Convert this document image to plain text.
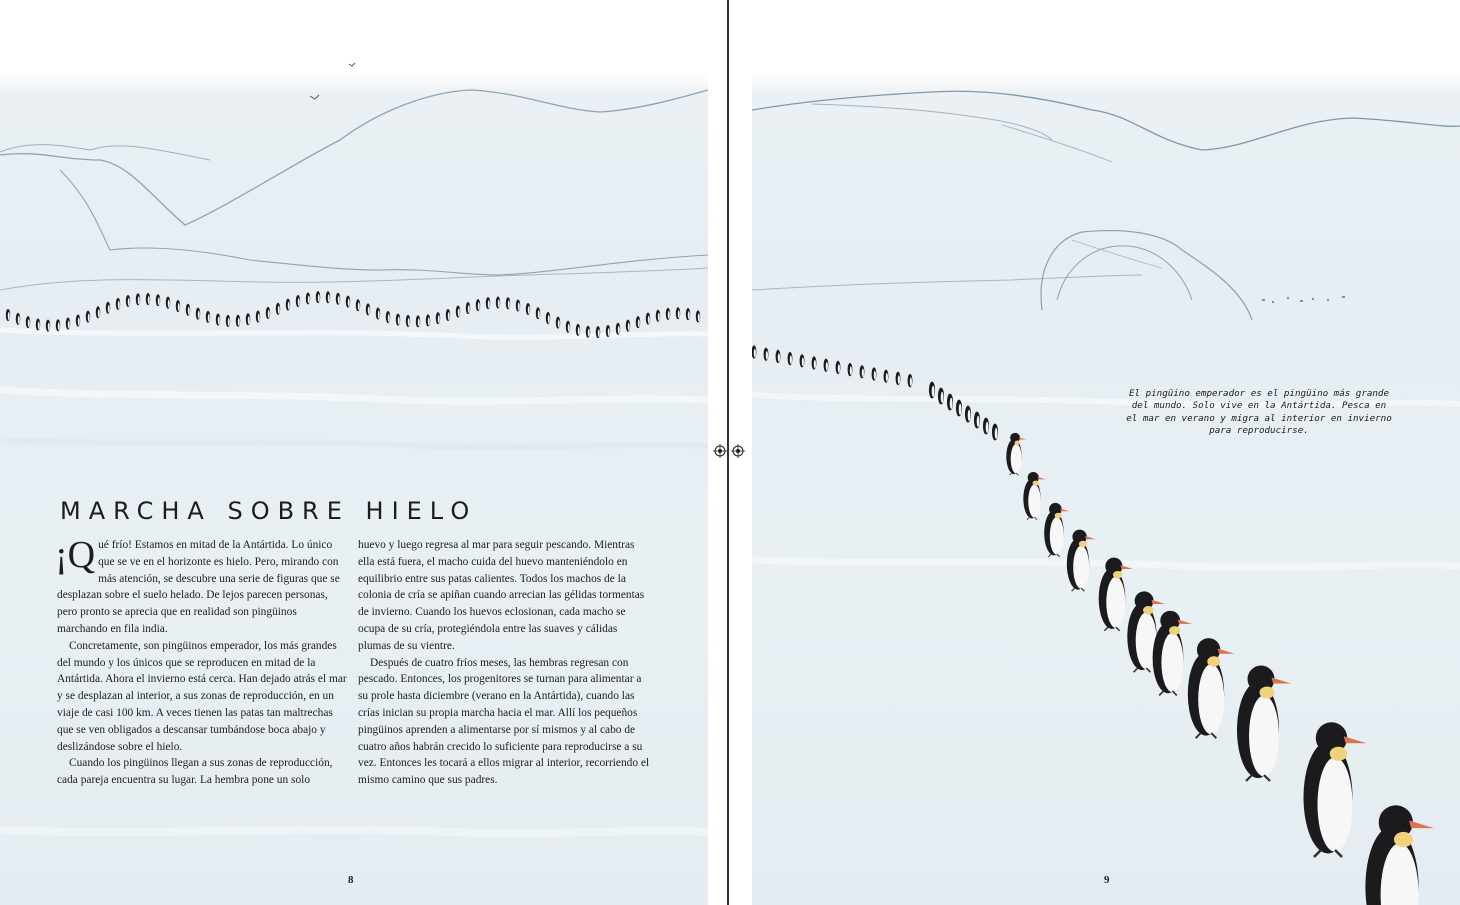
MARCHA SOBRE HIELO

¡Q ué frío! Estamos en mitad de la Antártida. Lo único que se ve en el horizonte es hielo. Pero, mirando con más atención, se descubre una serie de figuras que se desplazan sobre el suelo helado. De lejos parecen personas, pero pronto se aprecia que en realidad son pingüinos marchando en fila india.

Concretamente, son pingüinos emperador, los más grandes del mundo y los únicos que se reproducen en mitad de la Antártida. Ahora el invierno está cerca. Han dejado atrás el mar y se desplazan al interior, a sus zonas de reproducción, en un viaje de casi 100 km. A veces tienen las patas tan maltrechas que se ven obligados a descansar tumbándose boca abajo y deslizándose sobre el hielo.

Cuando los pingüinos llegan a sus zonas de reproducción, cada pareja encuentra su lugar. La hembra pone un solo

huevo y luego regresa al mar para seguir pescando. Mientras ella está fuera, el macho cuida del huevo manteniéndolo en equilibrio entre sus patas calientes. Todos los machos de la colonia de cría se apiñan cuando arrecian las gélidas tormentas de invierno. Cuando los huevos eclosionan, cada macho se ocupa de su cría, protegiéndola entre las suaves y cálidas plumas de su vientre.

Después de cuatro fríos meses, las hembras regresan con pescado. Entonces, los progenitores se turnan para alimentar a su prole hasta diciembre (verano en la Antártida), cuando las crías inician su propia marcha hacia el mar. Allí los pequeños pingüinos aprenden a alimentarse por sí mismos y al cabo de cuatro años habrán crecido lo suficiente para reproducirse a su vez. Entonces les tocará a ellos migrar al interior, recorriendo el mismo camino que sus padres.

8
El pingüino emperador es el pingüino más grande del mundo. Solo vive en la Antártida. Pesca en el mar en verano y migra al interior en invierno para reproducirse.
9
